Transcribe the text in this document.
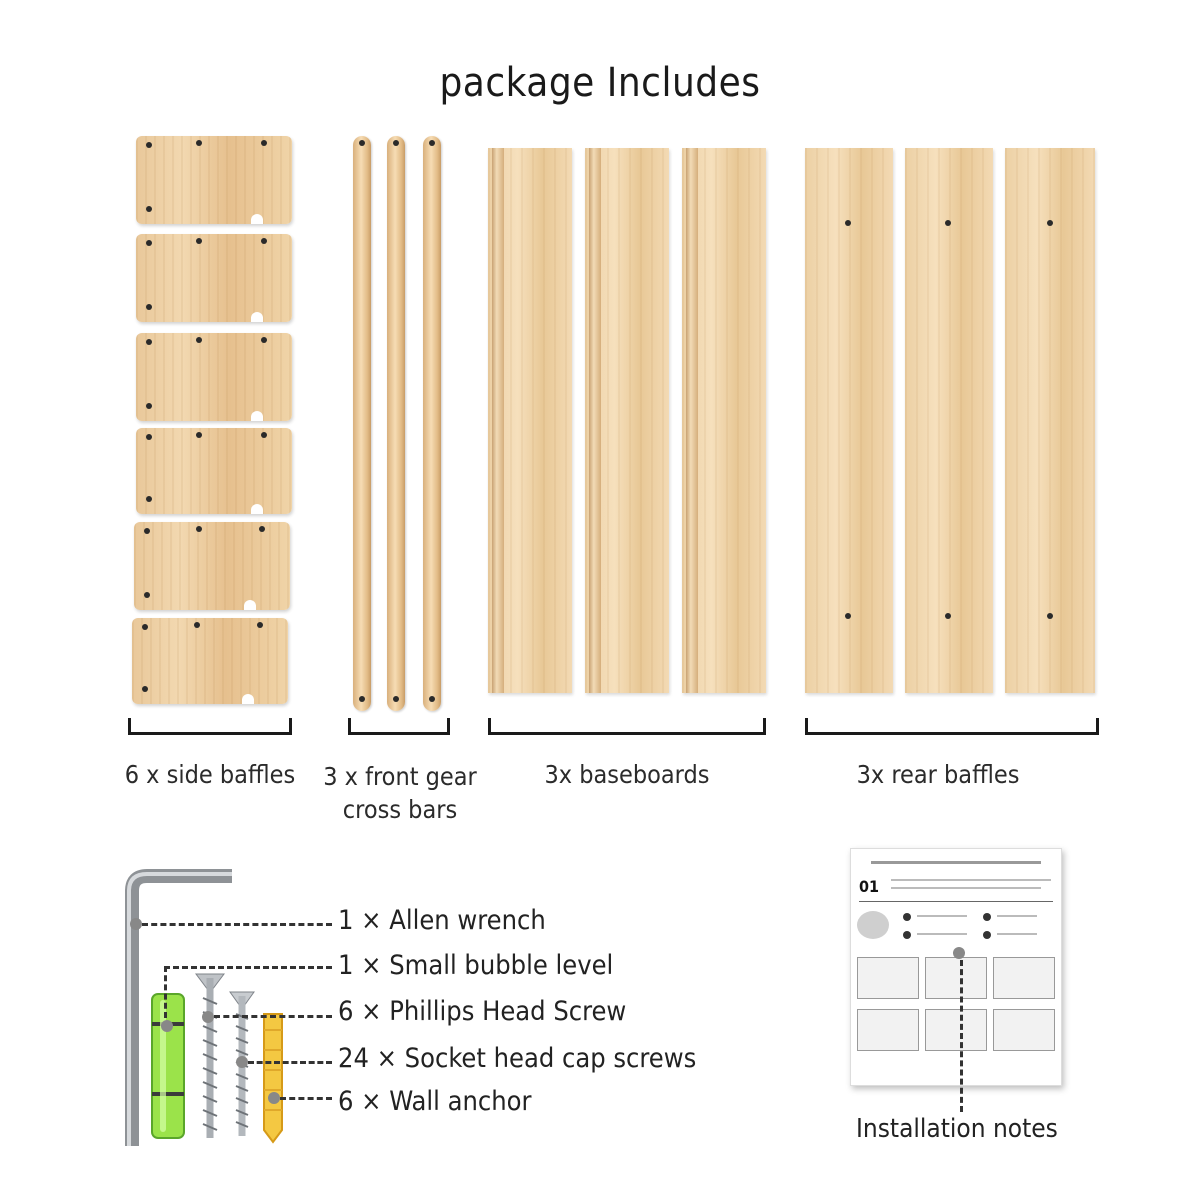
package Includes
6 x side baffles	3 x front gear cross bars
3x baseboards	3x rear baffles
1 × Allen wrench
1 × Small bubble level
6 × Phillips Head Screw
24 × Socket head cap screws
6 × Wall anchor
01
Installation notes
